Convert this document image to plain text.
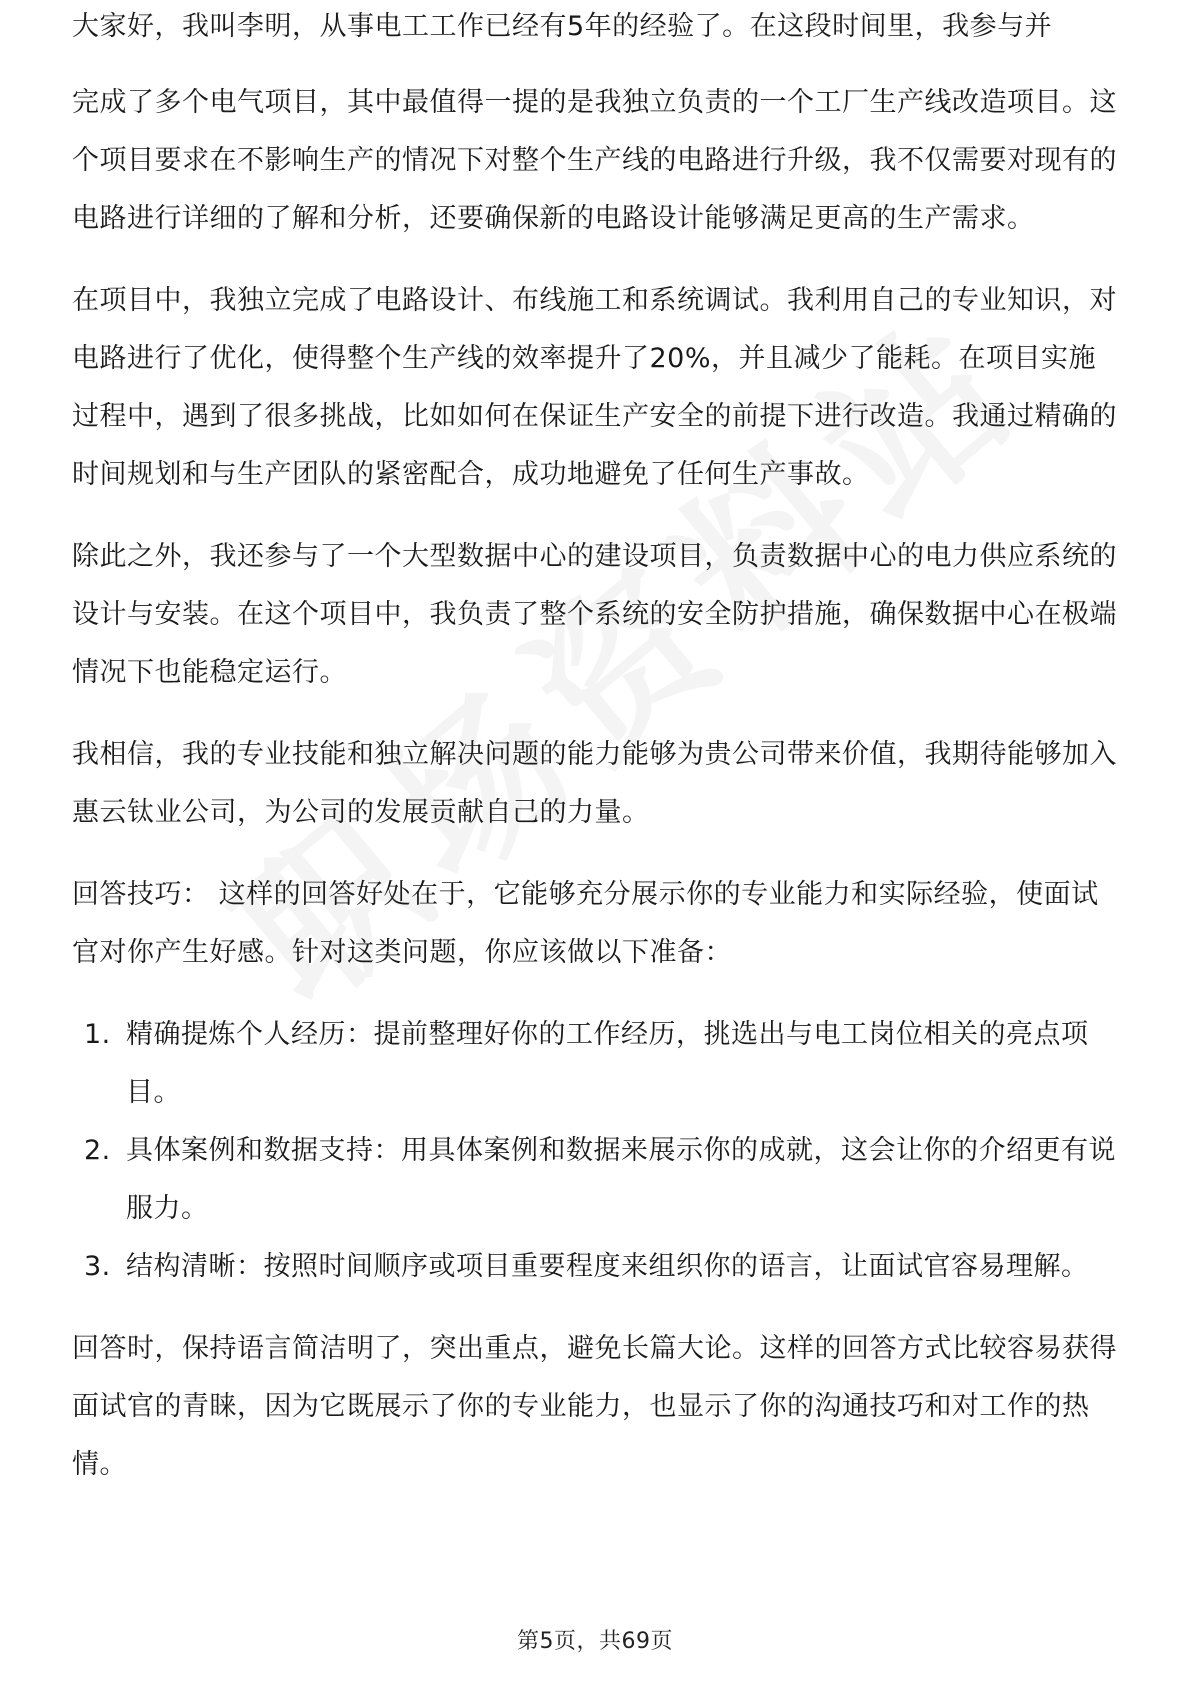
大家好，我叫李明，从事电工工作已经有5年的经验了。在这段时间里，我参与并

完成了多个电气项目，其中最值得一提的是我独立负责的一个工厂生产线改造项目。这个项目要求在不影响生产的情况下对整个生产线的电路进行升级，我不仅需要对现有的电路进行详细的了解和分析，还要确保新的电路设计能够满足更高的生产需求。

在项目中，我独立完成了电路设计、布线施工和系统调试。我利用自己的专业知识，对电路进行了优化，使得整个生产线的效率提升了20%，并且减少了能耗。在项目实施过程中，遇到了很多挑战，比如如何在保证生产安全的前提下进行改造。我通过精确的时间规划和与生产团队的紧密配合，成功地避免了任何生产事故。

除此之外，我还参与了一个大型数据中心的建设项目，负责数据中心的电力供应系统的设计与安装。在这个项目中，我负责了整个系统的安全防护措施，确保数据中心在极端情况下也能稳定运行。

我相信，我的专业技能和独立解决问题的能力能够为贵公司带来价值，我期待能够加入惠云钛业公司，为公司的发展贡献自己的力量。

回答技巧： 这样的回答好处在于，它能够充分展示你的专业能力和实际经验，使面试官对你产生好感。针对这类问题，你应该做以下准备：

1. 精确提炼个人经历：提前整理好你的工作经历，挑选出与电工岗位相关的亮点项目。
2. 具体案例和数据支持：用具体案例和数据来展示你的成就，这会让你的介绍更有说服力。
3. 结构清晰：按照时间顺序或项目重要程度来组织你的语言，让面试官容易理解。

回答时，保持语言简洁明了，突出重点，避免长篇大论。这样的回答方式比较容易获得面试官的青睐，因为它既展示了你的专业能力，也显示了你的沟通技巧和对工作的热情。

第5页，共69页
